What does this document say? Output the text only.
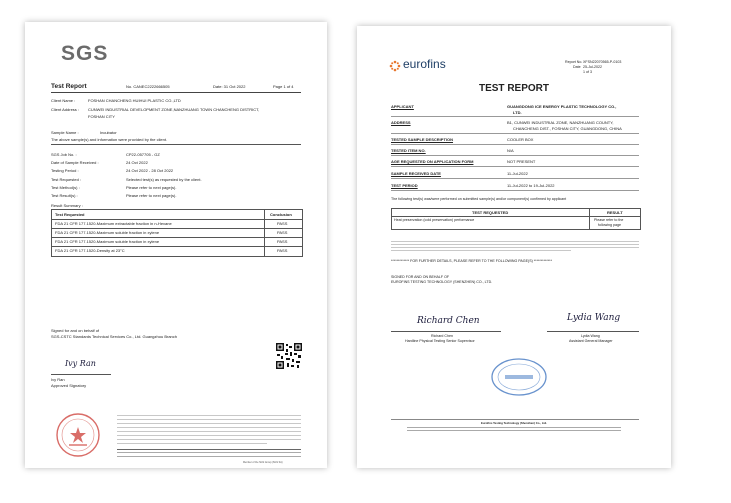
SGS
Test Report	No. CANEC2222666505	Date: 31 Oct 2022	Page 1 of 4
Client Name :	FOSHAN CHANCHENG HUIHUI PLASTIC CO.,LTD
Client Address : CUNWEI INDUSTRIAL DEVELOPMENT ZONE,NANZHUANG TOWN CHANCHENG DISTRICT,
FOSHAN CITY
Sample Name :	Incubator
The above sample(s) and information were provided by the client.
SGS Job No. :	CP22-057705 - GZ
Date of Sample Received :	24 Oct 2022
Testing Period :	24 Oct 2022 - 28 Oct 2022
Test Requested :	Selected test(s) as requested by the client.
Test Method(s) :	Please refer to next page(s).
Test Result(s) :	Please refer to next page(s).
Result Summary :
Test Requested	Conclusion
FDA 21 CFR 177.1520-Maximum extractable fraction in n-Hexane	PASS
FDA 21 CFR 177.1520-Maximum soluble fraction in xylene	PASS
FDA 21 CFR 177.1520-Maximum soluble fraction in xylene	PASS
FDA 21 CFR 177.1520-Density at 23°C	PASS
Signed for and on behalf of
SGS-CSTC Standards Technical Services Co., Ltd. Guangzhou Branch
Ivy Ran
Ivy Ran
Approved Signatory
Member of the SGS Group (SGS SA)
eurofins	Report No. XFSN22070565-P-0103
Date 25-Jul-2022
1 of 3
TEST REPORT
APPLICANT	GUANGDONG ICE ENERGY PLASTIC TECHNOLOGY CO.,
LTD.
ADDRESS	B1, CUNWEI INDUSTRIAL ZONE, NANZHUANG COUNTY,
CHANCHENG DIST., FOSHAN CITY, GUANGDONG, CHINA
TESTED SAMPLE DESCRIPTION	COOLER BOX
TESTED ITEM NO.	N/A
AGE REQUESTED ON APPLICATION FORM	NOT PRESENT
SAMPLE RECEIVED DATE	11-Jul-2022
TEST PERIOD	11-Jul-2022 to 19-Jul-2022
The following test(s) was/were performed on submitted sample(s) and/or component(s) confirmed by applicant
TEST REQUESTED	RESULT
Heat preservation (cold preservation) performance	Please refer to the
following page
************* FOR FURTHER DETAILS, PLEASE REFER TO THE FOLLOWING PAGE(S) *************
SIGNED FOR AND ON BEHALF OF
EUROFINS TESTING TECHNOLOGY (SHENZHEN) CO., LTD.
Richard Chen
Richard Chen
Hardline Physical Testing Senior Supervisor
Lydia Wang
Lydia Wang
Assistant General Manager
Eurofins Testing Technology (Shenzhen) Co., Ltd.
